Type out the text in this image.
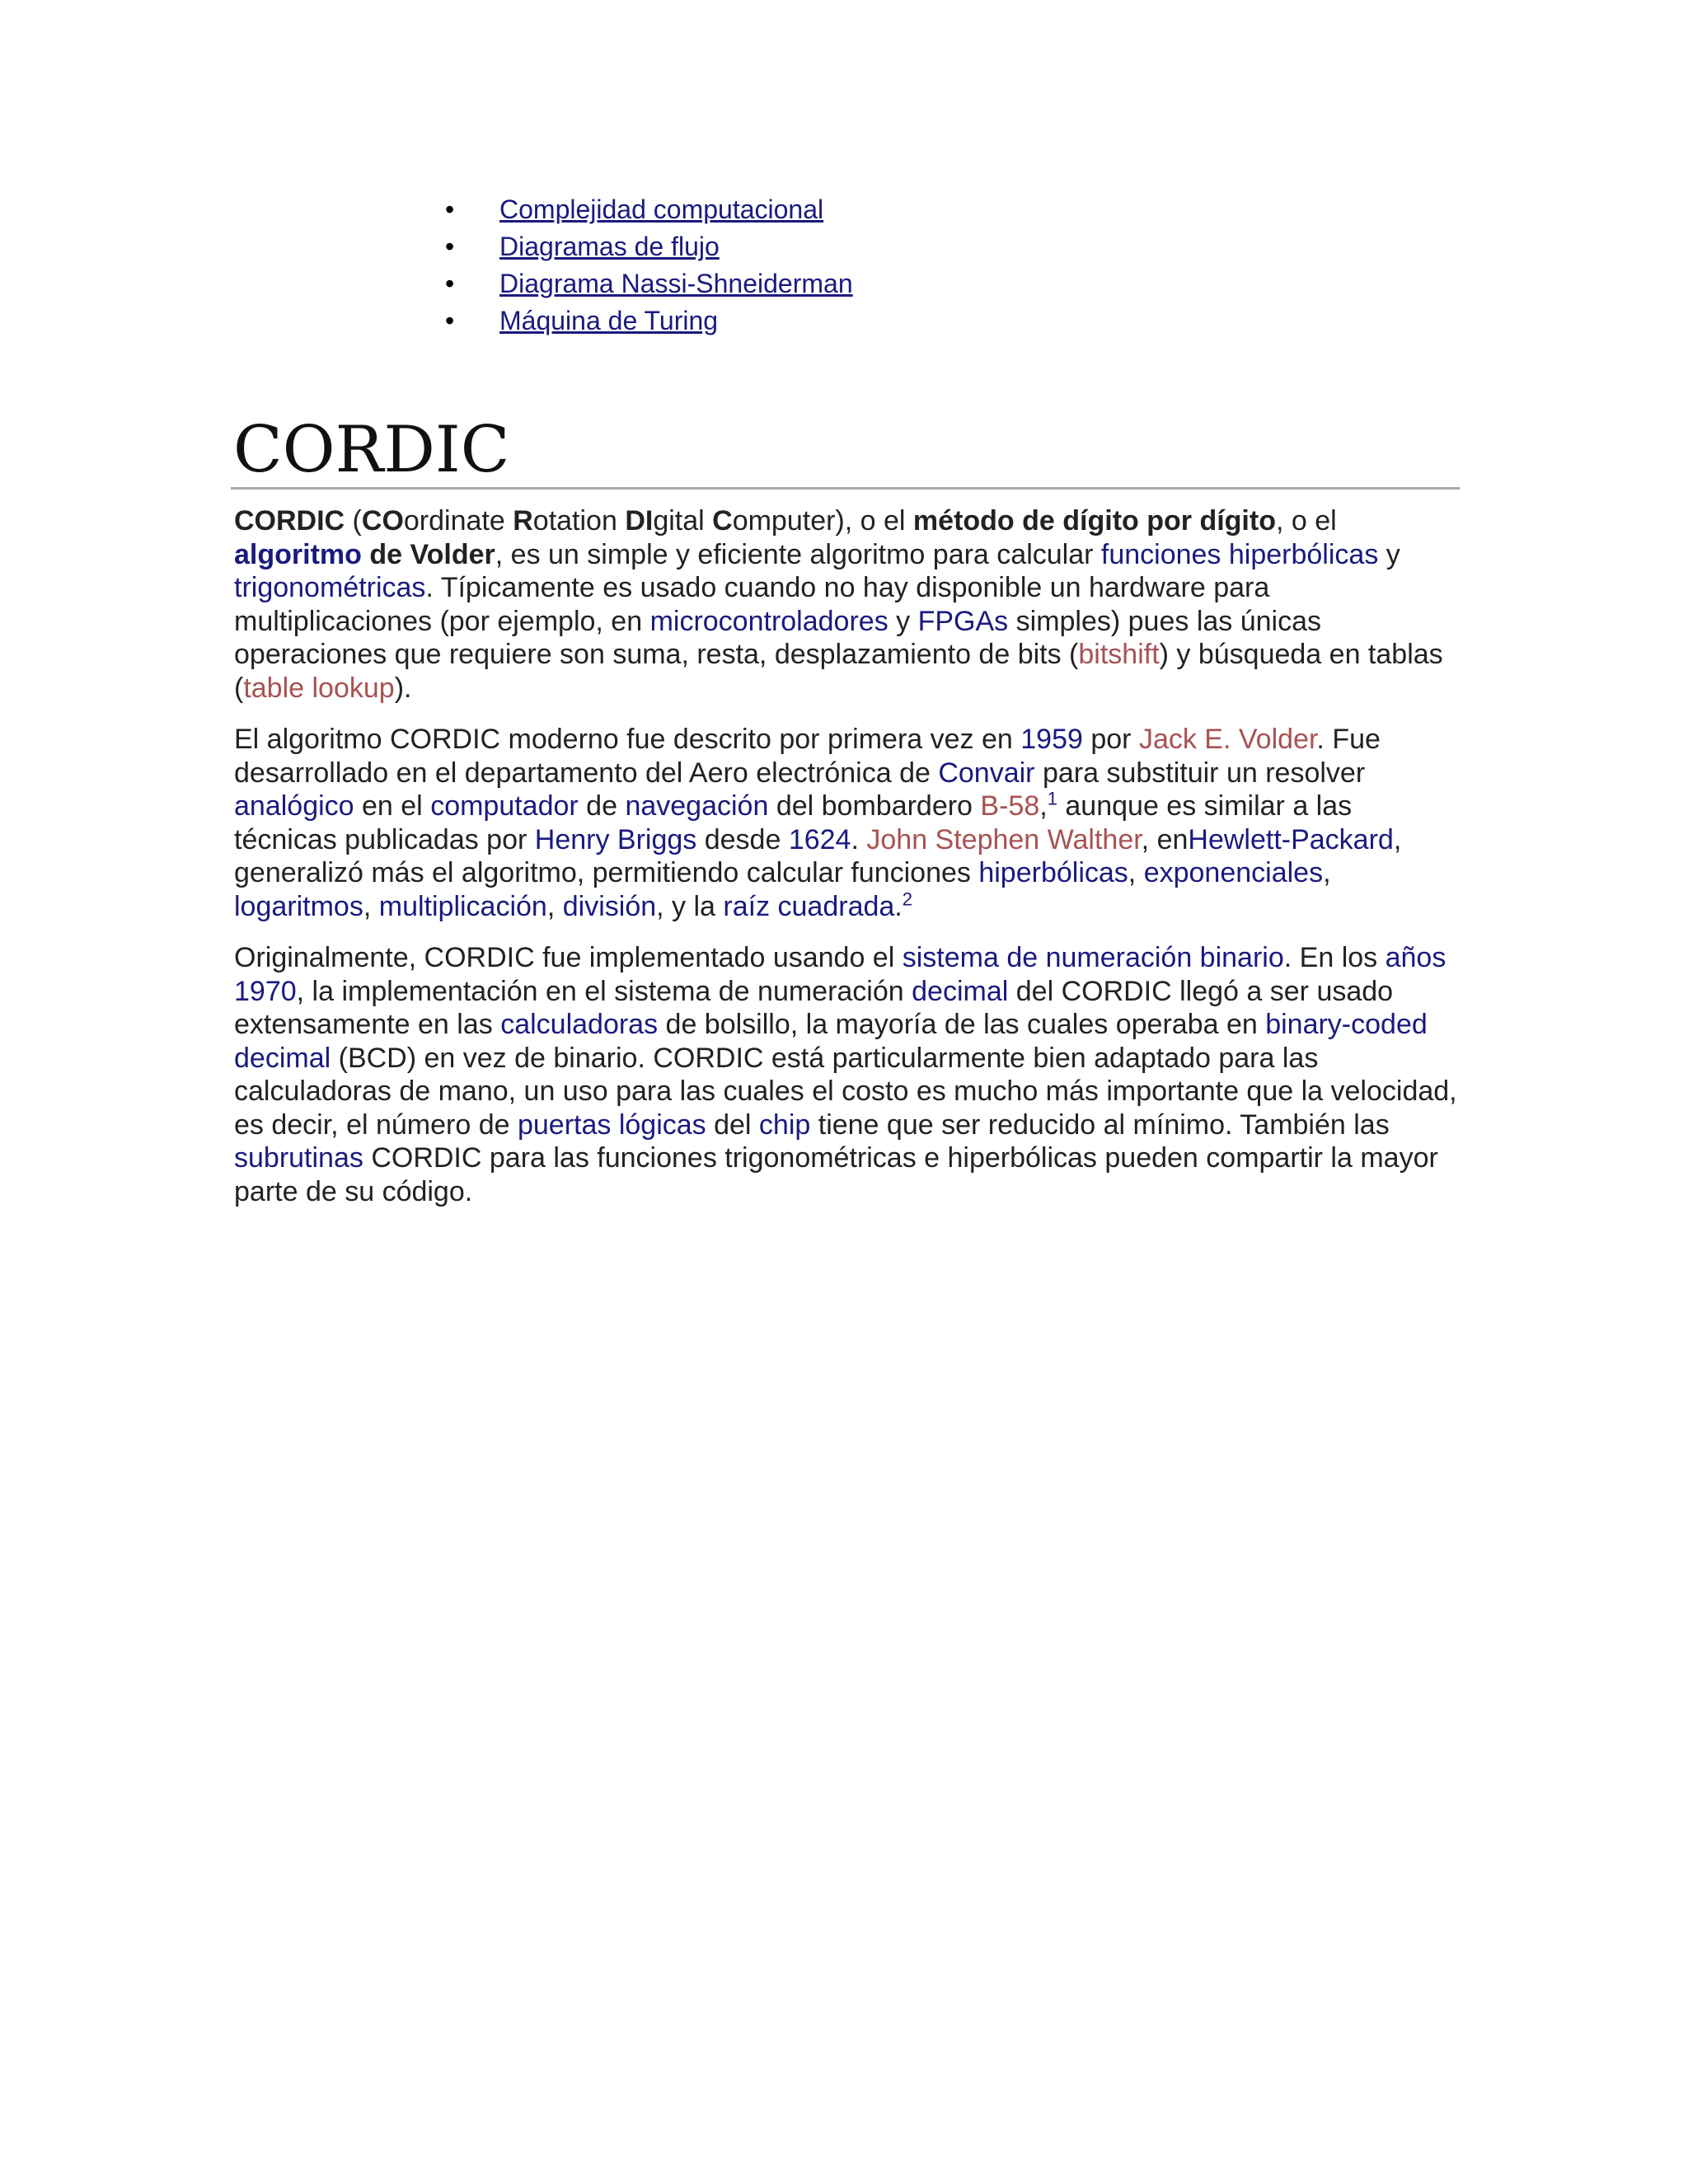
• Complejidad computacional
• Diagramas de flujo
• Diagrama Nassi-Shneiderman
• Máquina de Turing
CORDIC

CORDIC (COordinate Rotation DIgital Computer), o el método de dígito por dígito, o el algoritmo de Volder, es un simple y eficiente algoritmo para calcular funciones hiperbólicas y trigonométricas. Típicamente es usado cuando no hay disponible un hardware para multiplicaciones (por ejemplo, en microcontroladores y FPGAs simples) pues las únicas operaciones que requiere son suma, resta, desplazamiento de bits (bitshift) y búsqueda en tablas (table lookup).

El algoritmo CORDIC moderno fue descrito por primera vez en 1959 por Jack E. Volder. Fue desarrollado en el departamento del Aero electrónica de Convair para substituir un resolver analógico en el computador de navegación del bombardero B-58,$^1$ aunque es similar a las técnicas publicadas por Henry Briggs desde 1624. John Stephen Walther, enHewlett-Packard, generalizó más el algoritmo, permitiendo calcular funciones hiperbólicas, exponenciales, logaritmos, multiplicación, división, y la raíz cuadrada.$^2$

Originalmente, CORDIC fue implementado usando el sistema de numeración binario. En los años 1970, la implementación en el sistema de numeración decimal del CORDIC llegó a ser usado extensamente en las calculadoras de bolsillo, la mayoría de las cuales operaba en binary-coded decimal (BCD) en vez de binario. CORDIC está particularmente bien adaptado para las calculadoras de mano, un uso para las cuales el costo es mucho más importante que la velocidad, es decir, el número de puertas lógicas del chip tiene que ser reducido al mínimo. También las subrutinas CORDIC para las funciones trigonométricas e hiperbólicas pueden compartir la mayor parte de su código.
